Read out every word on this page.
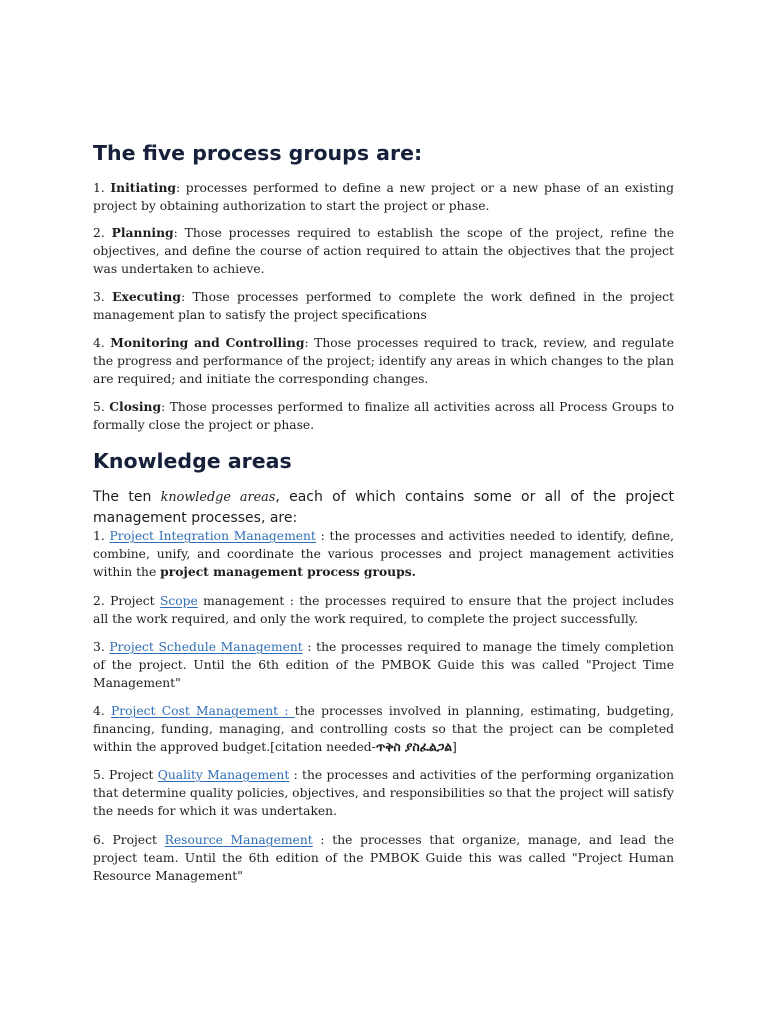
The five process groups are:

1. Initiating: processes performed to define a new project or a new phase of an existing project by obtaining authorization to start the project or phase.

2. Planning: Those processes required to establish the scope of the project, refine the objectives, and define the course of action required to attain the objectives that the project was undertaken to achieve.

3. Executing: Those processes performed to complete the work defined in the project management plan to satisfy the project specifications

4. Monitoring and Controlling: Those processes required to track, review, and regulate the progress and performance of the project; identify any areas in which changes to the plan are required; and initiate the corresponding changes.

5. Closing: Those processes performed to finalize all activities across all Process Groups to formally close the project or phase.

Knowledge areas

The ten knowledge areas, each of which contains some or all of the project management processes, are:

1. Project Integration Management : the processes and activities needed to identify, define, combine, unify, and coordinate the various processes and project management activities within the project management process groups.

2. Project Scope management : the processes required to ensure that the project includes all the work required, and only the work required, to complete the project successfully.

3. Project Schedule Management : the processes required to manage the timely completion of the project. Until the 6th edition of the PMBOK Guide this was called "Project Time Management"

4. Project Cost Management : the processes involved in planning, estimating, budgeting, financing, funding, managing, and controlling costs so that the project can be completed within the approved budget.[citation needed-ጥቅስ ያስፈልጋል]

5. Project Quality Management : the processes and activities of the performing organization that determine quality policies, objectives, and responsibilities so that the project will satisfy the needs for which it was undertaken.

6. Project Resource Management : the processes that organize, manage, and lead the project team. Until the 6th edition of the PMBOK Guide this was called "Project Human Resource Management"
